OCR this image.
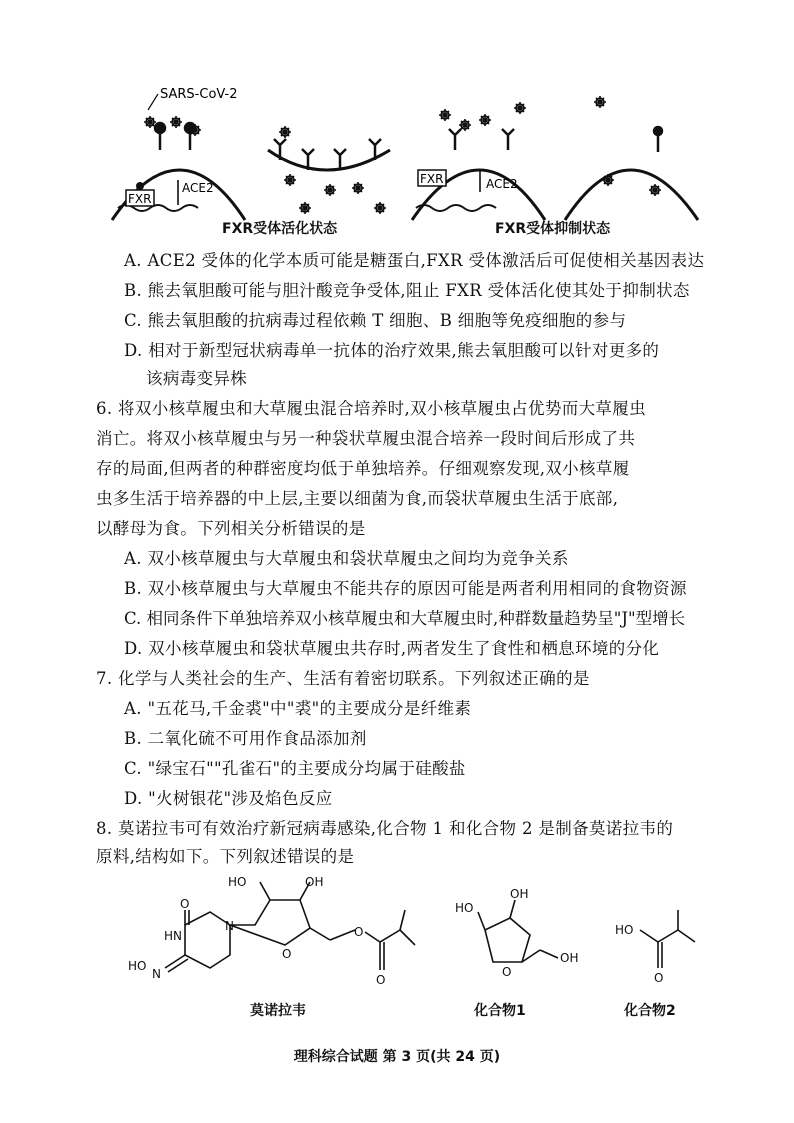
SARS-CoV-2
FXR
ACE2
FXR	ACE2
FXR受体活化状态	FXR受体抑制状态
A. ACE2 受体的化学本质可能是糖蛋白,FXR 受体激活后可促使相关基因表达
B. 熊去氧胆酸可能与胆汁酸竞争受体,阻止 FXR 受体活化使其处于抑制状态
C. 熊去氧胆酸的抗病毒过程依赖 T 细胞、B 细胞等免疫细胞的参与
D. 相对于新型冠状病毒单一抗体的治疗效果,熊去氧胆酸可以针对更多的
该病毒变异株
6. 将双小核草履虫和大草履虫混合培养时,双小核草履虫占优势而大草履虫
消亡。将双小核草履虫与另一种袋状草履虫混合培养一段时间后形成了共
存的局面,但两者的种群密度均低于单独培养。仔细观察发现,双小核草履
虫多生活于培养器的中上层,主要以细菌为食,而袋状草履虫生活于底部,
以酵母为食。下列相关分析错误的是
A. 双小核草履虫与大草履虫和袋状草履虫之间均为竞争关系
B. 双小核草履虫与大草履虫不能共存的原因可能是两者利用相同的食物资源
C. 相同条件下单独培养双小核草履虫和大草履虫时,种群数量趋势呈"J"型增长
D. 双小核草履虫和袋状草履虫共存时,两者发生了食性和栖息环境的分化
7. 化学与人类社会的生产、生活有着密切联系。下列叙述正确的是
A. "五花马,千金裘"中"裘"的主要成分是纤维素
B. 二氧化硫不可用作食品添加剂
C. "绿宝石""孔雀石"的主要成分均属于硅酸盐
D. "火树银花"涉及焰色反应
8. 莫诺拉韦可有效治疗新冠病毒感染,化合物 1 和化合物 2 是制备莫诺拉韦的
原料,结构如下。下列叙述错误的是
HO	OH
O
HN
N
N
HO
O
O
O
HO
OH
O
OH
HO
O
莫诺拉韦	化合物1	化合物2
理科综合试题 第 3 页(共 24 页)
